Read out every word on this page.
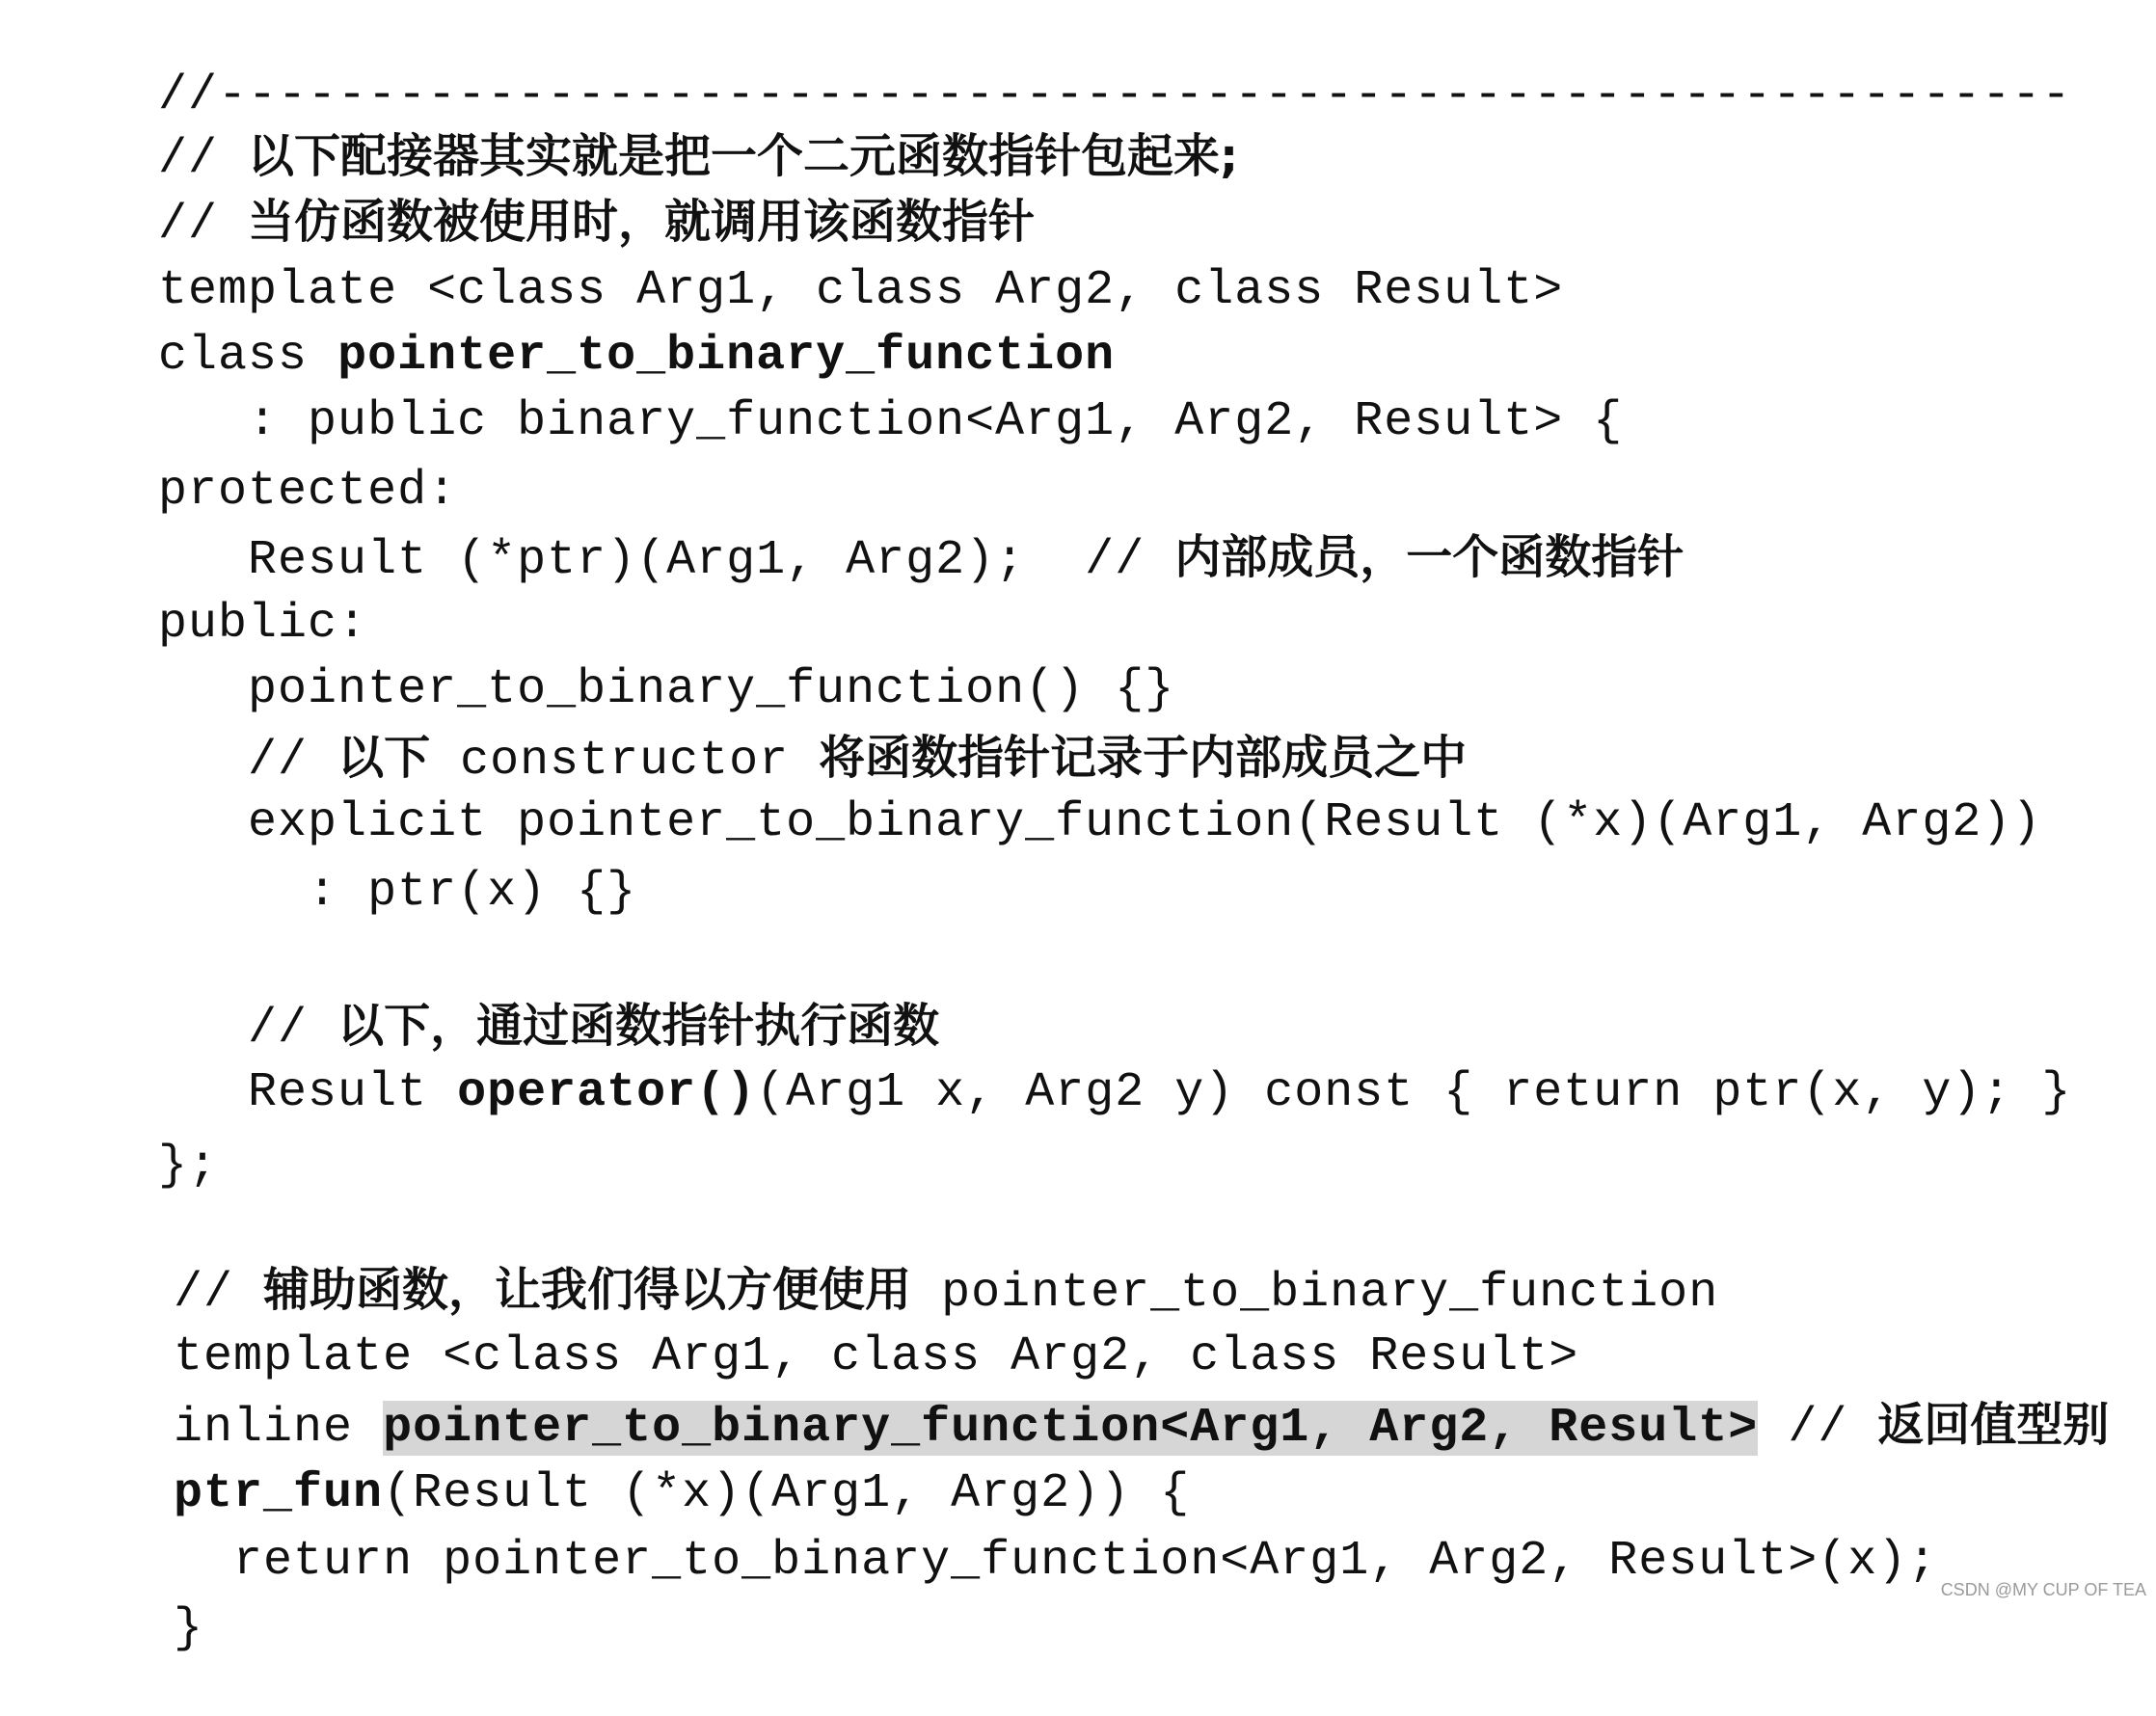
//--------------------------------------------------------------

// 以下配接器其实就是把一个二元函数指针包起来;

// 当仿函数被使用时，就调用该函数指针

template <class Arg1, class Arg2, class Result>

class pointer_to_binary_function

: public binary_function<Arg1, Arg2, Result> {

protected:

Result (*ptr)(Arg1, Arg2);  // 内部成员，一个函数指针

public:

pointer_to_binary_function() {}

// 以下 constructor 将函数指针记录于内部成员之中

explicit pointer_to_binary_function(Result (*x)(Arg1, Arg2))

: ptr(x) {}

// 以下，通过函数指针执行函数

Result operator()(Arg1 x, Arg2 y) const { return ptr(x, y); }

};

// 辅助函数，让我们得以方便使用 pointer_to_binary_function

template <class Arg1, class Arg2, class Result>

inline pointer_to_binary_function<Arg1, Arg2, Result> // 返回值型别

ptr_fun(Result (*x)(Arg1, Arg2)) {

return pointer_to_binary_function<Arg1, Arg2, Result>(x);

}

CSDN @MY CUP OF TEA
